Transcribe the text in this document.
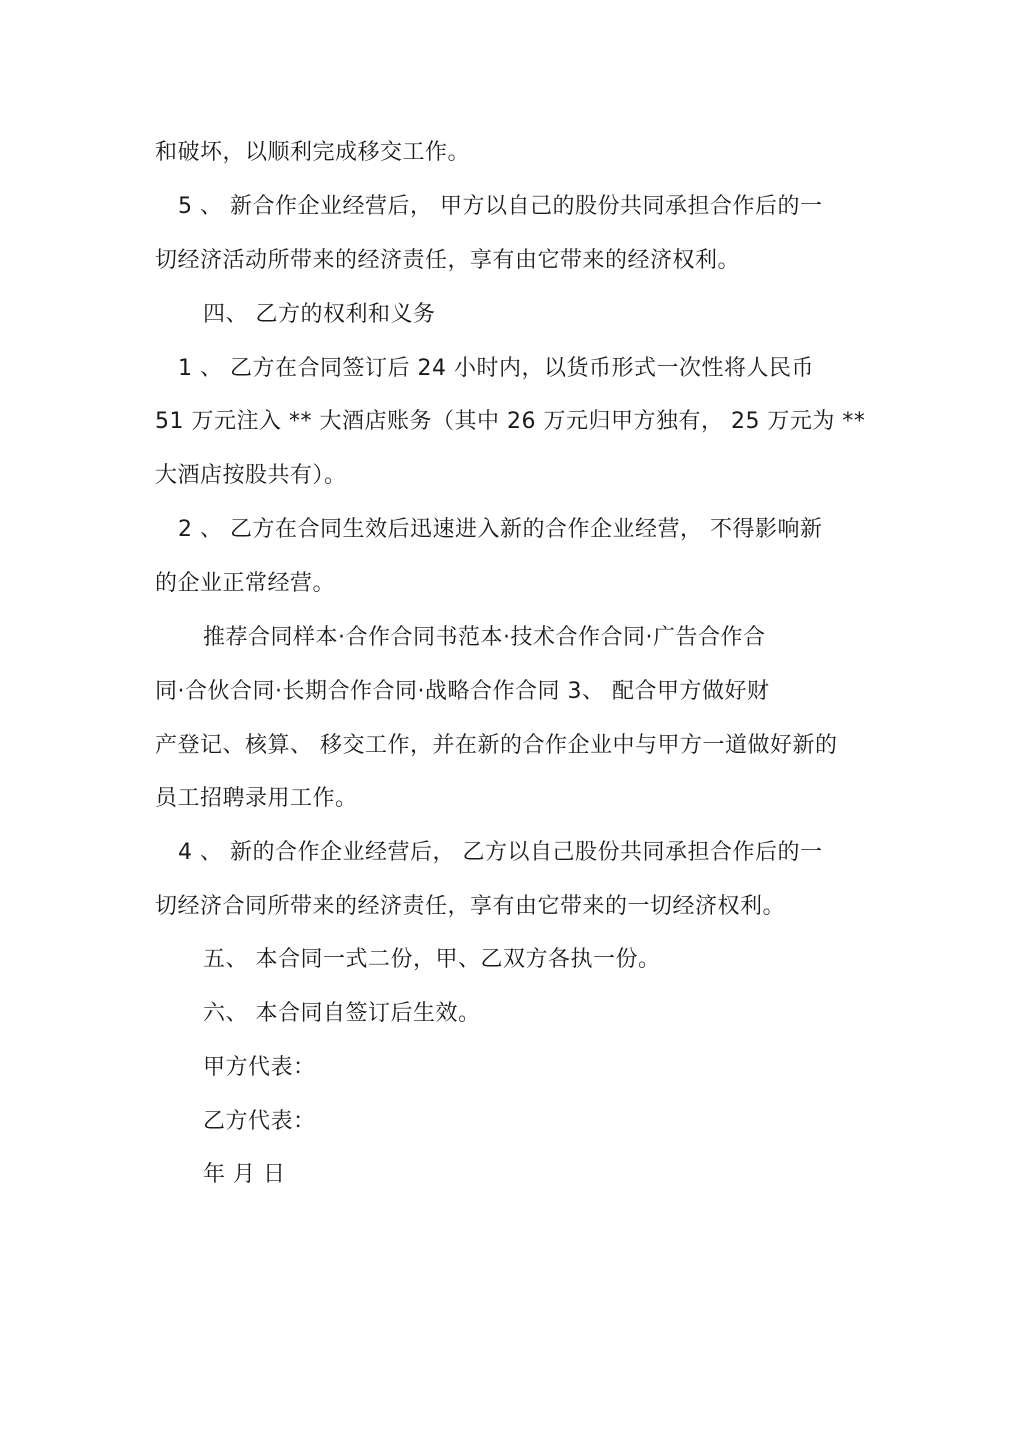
和破坏，以顺利完成移交工作。
5 、 新合作企业经营后， 甲方以自己的股份共同承担合作后的一
切经济活动所带来的经济责任，享有由它带来的经济权利。
四、 乙方的权利和义务
1 、 乙方在合同签订后 24 小时内，以货币形式一次性将人民币
51 万元注入 ** 大酒店账务（其中 26 万元归甲方独有， 25 万元为 **
大酒店按股共有）。
2 、 乙方在合同生效后迅速进入新的合作企业经营， 不得影响新
的企业正常经营。
推荐合同样本·合作合同书范本·技术合作合同·广告合作合
同·合伙合同·长期合作合同·战略合作合同 3、 配合甲方做好财
产登记、核算、 移交工作，并在新的合作企业中与甲方一道做好新的
员工招聘录用工作。
4 、 新的合作企业经营后， 乙方以自己股份共同承担合作后的一
切经济合同所带来的经济责任，享有由它带来的一切经济权利。
五、 本合同一式二份，甲、乙双方各执一份。
六、 本合同自签订后生效。
甲方代表：
乙方代表：
年 月 日
